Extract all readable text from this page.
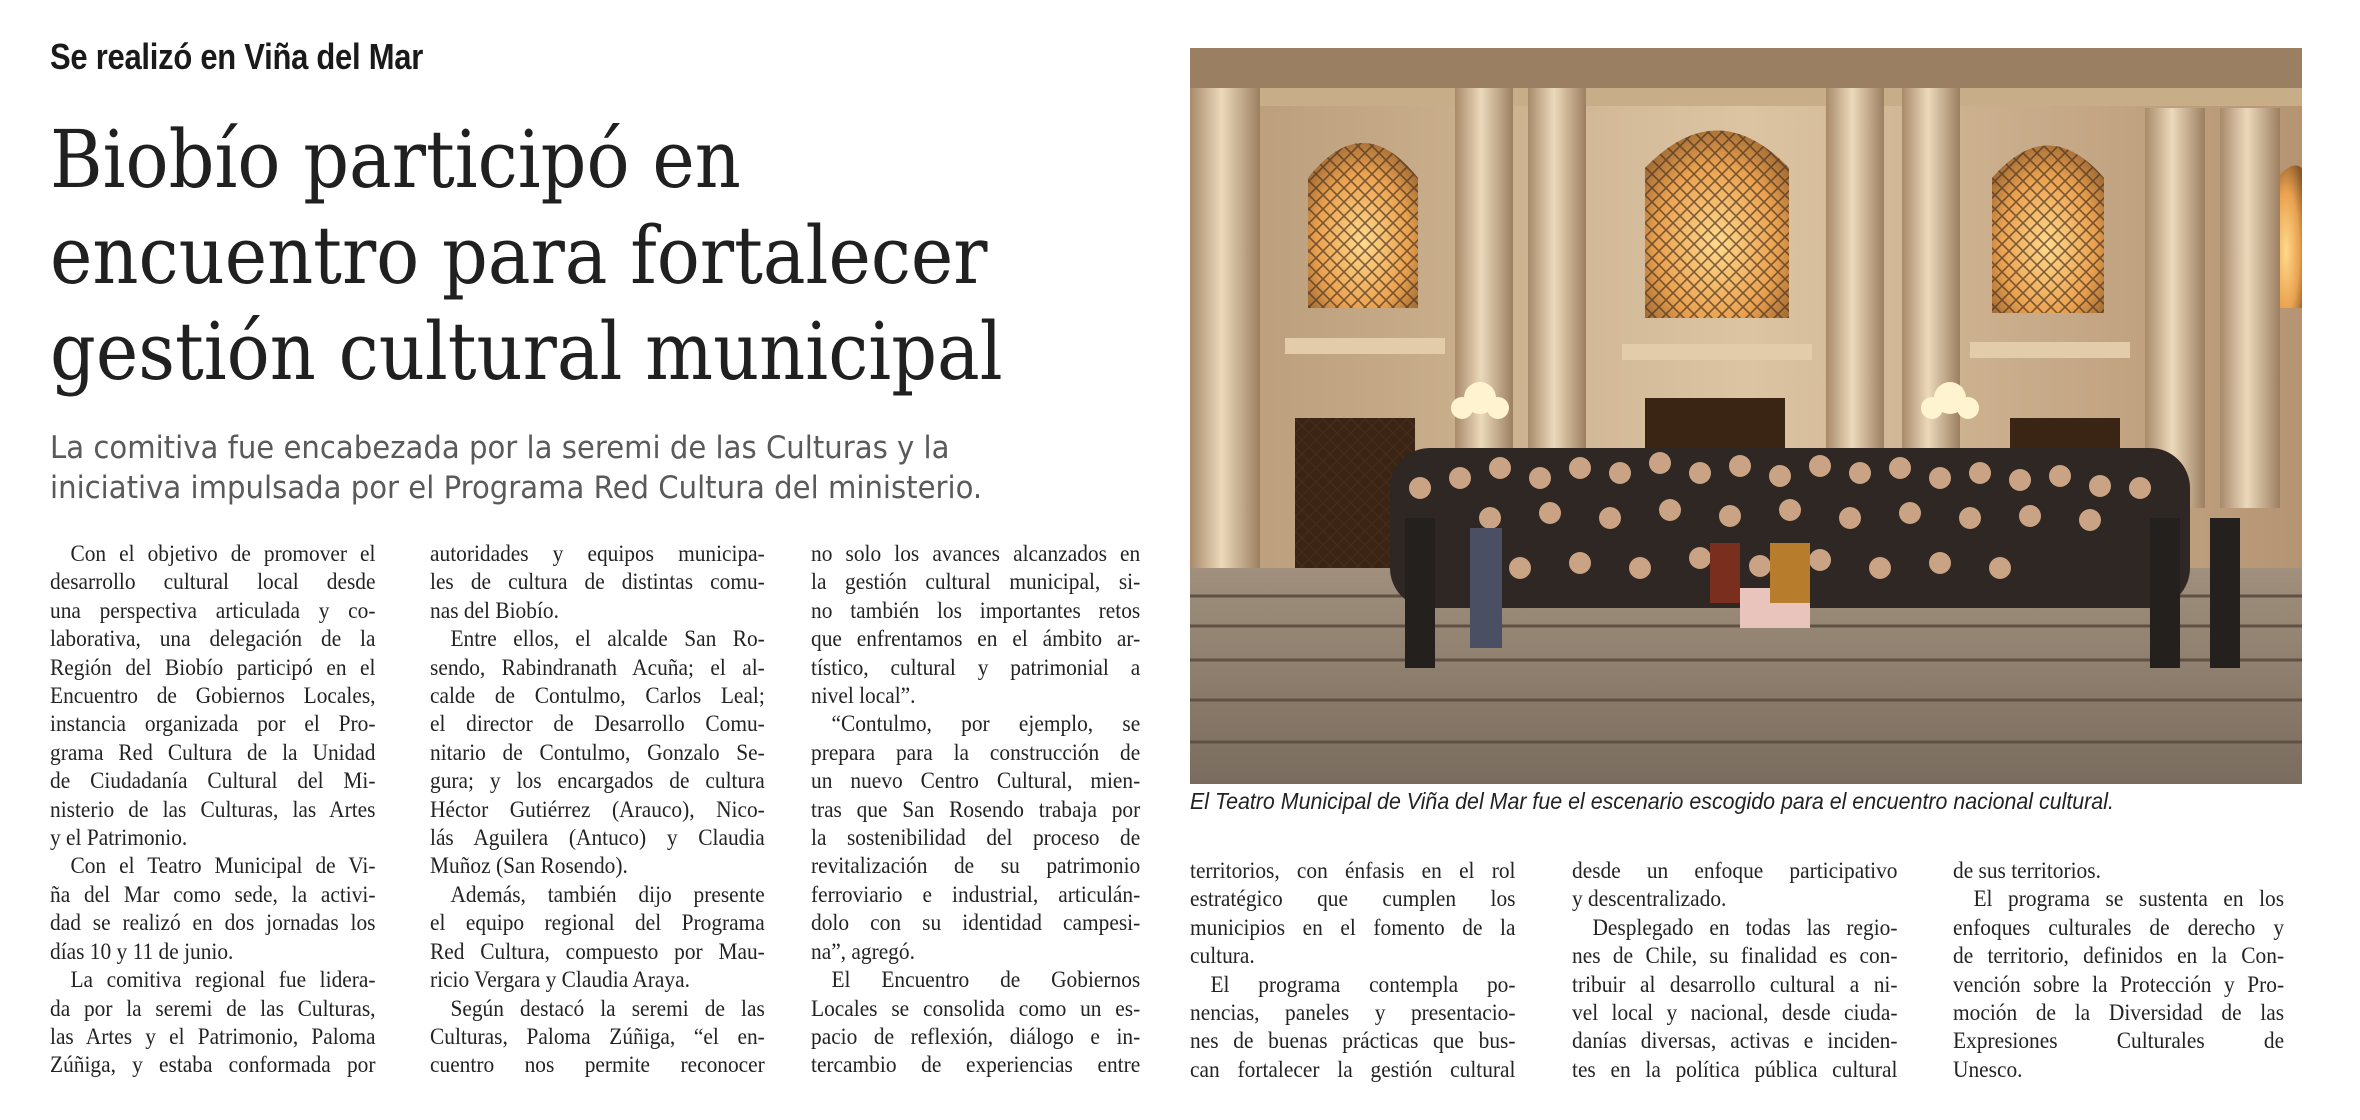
Se realizó en Viña del Mar
Biobío participó en
encuentro para fortalecer
gestión cultural municipal
La comitiva fue encabezada por la seremi de las Culturas y la
iniciativa impulsada por el Programa Red Cultura del ministerio.
Con el objetivo de promover el
desarrollo cultural local desde
una perspectiva articulada y co-
laborativa, una delegación de la
Región del Biobío participó en el
Encuentro de Gobiernos Locales,
instancia organizada por el Pro-
grama Red Cultura de la Unidad
de Ciudadanía Cultural del Mi-
nisterio de las Culturas, las Artes
y el Patrimonio.
Con el Teatro Municipal de Vi-
ña del Mar como sede, la activi-
dad se realizó en dos jornadas los
días 10 y 11 de junio.
La comitiva regional fue lidera-
da por la seremi de las Culturas,
las Artes y el Patrimonio, Paloma
Zúñiga, y estaba conformada por
autoridades y equipos municipa-
les de cultura de distintas comu-
nas del Biobío.
Entre ellos, el alcalde San Ro-
sendo, Rabindranath Acuña; el al-
calde de Contulmo, Carlos Leal;
el director de Desarrollo Comu-
nitario de Contulmo, Gonzalo Se-
gura; y los encargados de cultura
Héctor Gutiérrez (Arauco), Nico-
lás Aguilera (Antuco) y Claudia
Muñoz (San Rosendo).
Además, también dijo presente
el equipo regional del Programa
Red Cultura, compuesto por Mau-
ricio Vergara y Claudia Araya.
Según destacó la seremi de las
Culturas, Paloma Zúñiga, “el en-
cuentro nos permite reconocer
no solo los avances alcanzados en
la gestión cultural municipal, si-
no también los importantes retos
que enfrentamos en el ámbito ar-
tístico, cultural y patrimonial a
nivel local”.
“Contulmo, por ejemplo, se
prepara para la construcción de
un nuevo Centro Cultural, mien-
tras que San Rosendo trabaja por
la sostenibilidad del proceso de
revitalización de su patrimonio
ferroviario e industrial, articulán-
dolo con su identidad campesi-
na”, agregó.
El Encuentro de Gobiernos
Locales se consolida como un es-
pacio de reflexión, diálogo e in-
tercambio de experiencias entre
territorios, con énfasis en el rol
estratégico que cumplen los
municipios en el fomento de la
cultura.
El programa contempla po-
nencias, paneles y presentacio-
nes de buenas prácticas que bus-
can fortalecer la gestión cultural
desde un enfoque participativo
y descentralizado.
Desplegado en todas las regio-
nes de Chile, su finalidad es con-
tribuir al desarrollo cultural a ni-
vel local y nacional, desde ciuda-
danías diversas, activas e inciden-
tes en la política pública cultural
de sus territorios.
El programa se sustenta en los
enfoques culturales de derecho y
de territorio, definidos en la Con-
vención sobre la Protección y Pro-
moción de la Diversidad de las
Expresiones Culturales de
Unesco.
El Teatro Municipal de Viña del Mar fue el escenario escogido para el encuentro nacional cultural.
